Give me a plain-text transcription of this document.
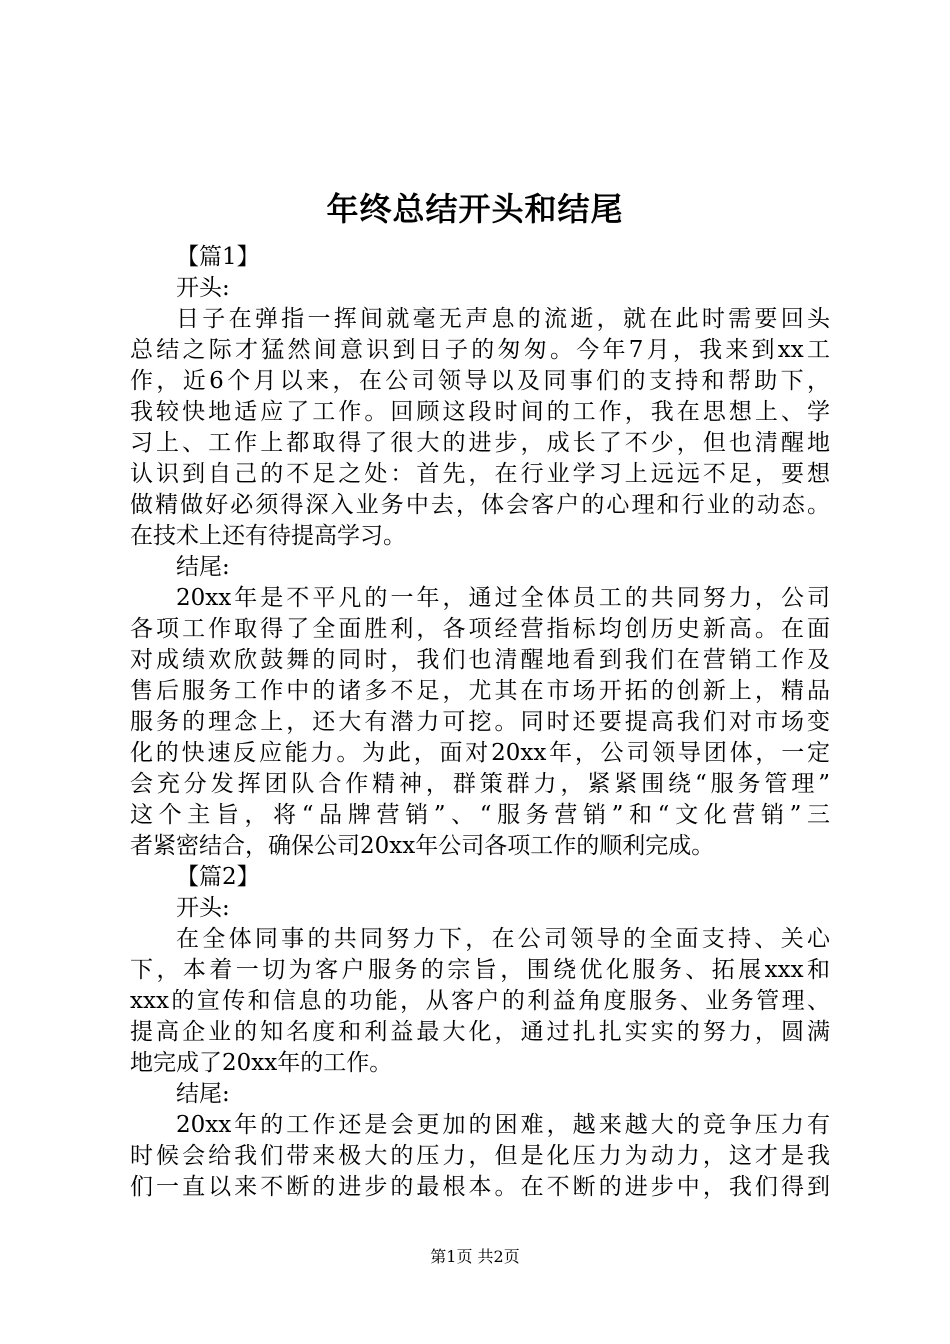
年终总结开头和结尾
【篇1】
开头:
日子在弹指一挥间就毫无声息的流逝，就在此时需要回头
总结之际才猛然间意识到日子的匆匆。今年7月，我来到xx工
作，近6个月以来，在公司领导以及同事们的支持和帮助下，
我较快地适应了工作。回顾这段时间的工作，我在思想上、学
习上、工作上都取得了很大的进步，成长了不少，但也清醒地
认识到自己的不足之处：首先，在行业学习上远远不足，要想
做精做好必须得深入业务中去，体会客户的心理和行业的动态。
在技术上还有待提高学习。
结尾:
20xx年是不平凡的一年，通过全体员工的共同努力，公司
各项工作取得了全面胜利，各项经营指标均创历史新高。在面
对成绩欢欣鼓舞的同时，我们也清醒地看到我们在营销工作及
售后服务工作中的诸多不足，尤其在市场开拓的创新上，精品
服务的理念上，还大有潜力可挖。同时还要提高我们对市场变
化的快速反应能力。为此，面对20xx年，公司领导团体，一定
会充分发挥团队合作精神，群策群力，紧紧围绕“服务管理”
这个主旨，将“品牌营销”、“服务营销”和“文化营销”三
者紧密结合，确保公司20xx年公司各项工作的顺利完成。
【篇2】
开头:
在全体同事的共同努力下，在公司领导的全面支持、关心
下，本着一切为客户服务的宗旨，围绕优化服务、拓展xxx和
xxx的宣传和信息的功能，从客户的利益角度服务、业务管理、
提高企业的知名度和利益最大化，通过扎扎实实的努力，圆满
地完成了20xx年的工作。
结尾:
20xx年的工作还是会更加的困难，越来越大的竞争压力有
时候会给我们带来极大的压力，但是化压力为动力，这才是我
们一直以来不断的进步的最根本。在不断的进步中，我们得到
第1页 共2页
